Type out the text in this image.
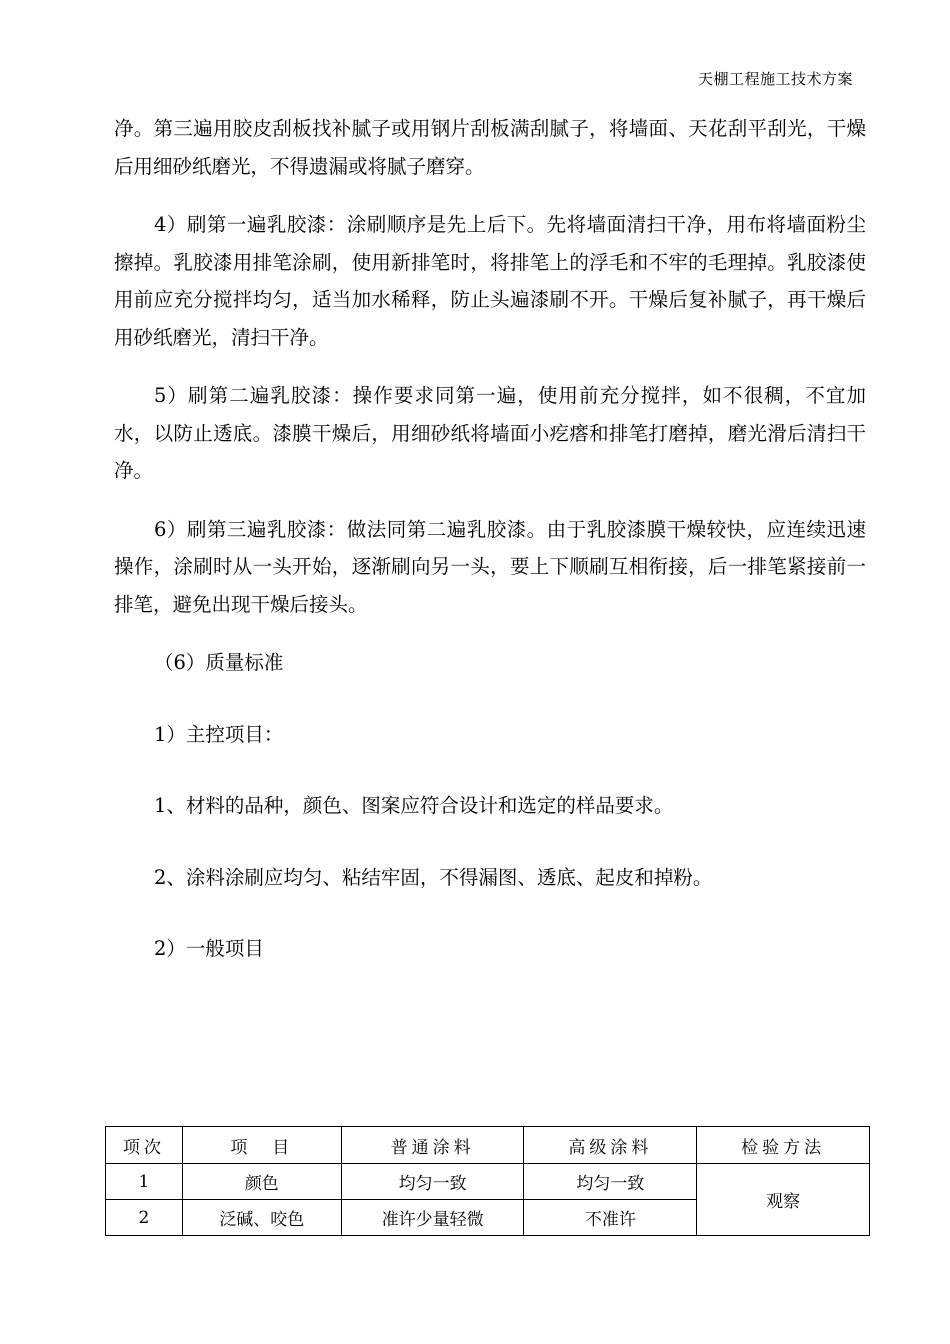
天棚工程施工技术方案

净。第三遍用胶皮刮板找补腻子或用钢片刮板满刮腻子，将墙面、天花刮平刮光，干燥后用细砂纸磨光，不得遗漏或将腻子磨穿。

4）刷第一遍乳胶漆：涂刷顺序是先上后下。先将墙面清扫干净，用布将墙面粉尘擦掉。乳胶漆用排笔涂刷，使用新排笔时，将排笔上的浮毛和不牢的毛理掉。乳胶漆使用前应充分搅拌均匀，适当加水稀释，防止头遍漆刷不开。干燥后复补腻子，再干燥后用砂纸磨光，清扫干净。

5）刷第二遍乳胶漆：操作要求同第一遍，使用前充分搅拌，如不很稠，不宜加水，以防止透底。漆膜干燥后，用细砂纸将墙面小疙瘩和排笔打磨掉，磨光滑后清扫干净。

6）刷第三遍乳胶漆：做法同第二遍乳胶漆。由于乳胶漆膜干燥较快，应连续迅速操作，涂刷时从一头开始，逐渐刷向另一头，要上下顺刷互相衔接，后一排笔紧接前一排笔，避免出现干燥后接头。

（6）质量标准

1）主控项目：

1、材料的品种，颜色、图案应符合设计和选定的样品要求。

2、涂料涂刷应均匀、粘结牢固，不得漏图、透底、起皮和掉粉。

2）一般项目

项次	项　目	普通涂料	高级涂料	检验方法
1	颜色	均匀一致	均匀一致	观察
2	泛碱、咬色	准许少量轻微	不准许	
